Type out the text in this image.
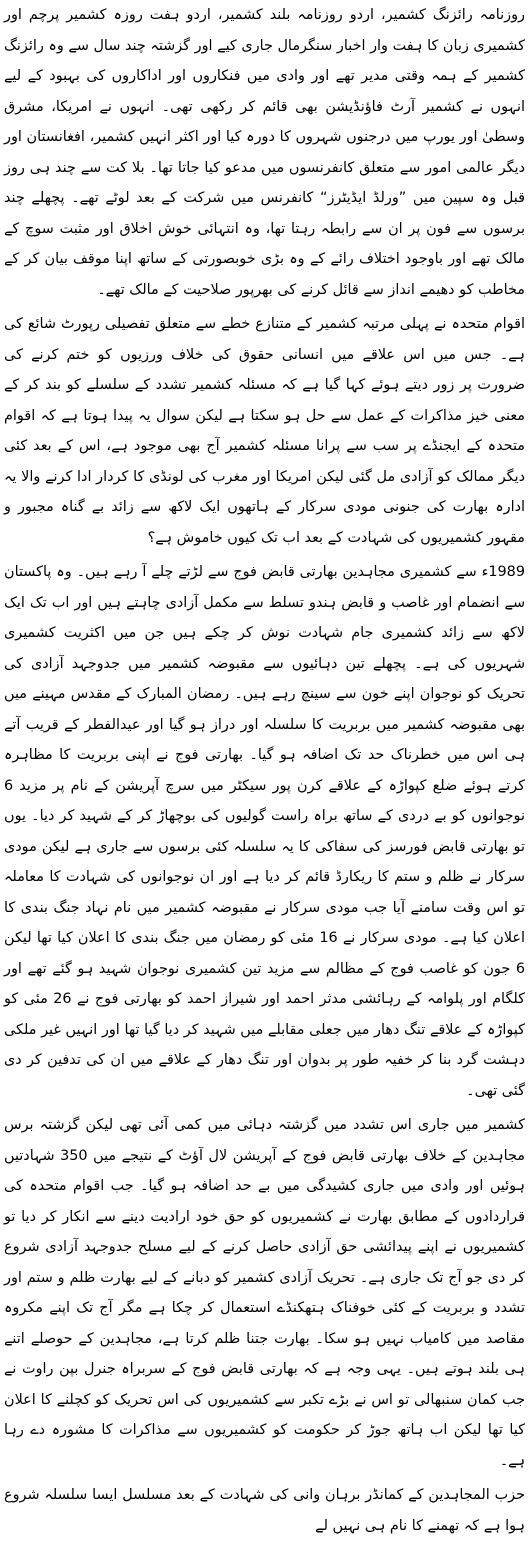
روزنامہ رائزنگ کشمیر، اردو روزنامہ بلند کشمیر، اردو ہفت روزہ کشمیر پرچم اور کشمیری زبان کا ہفت وار اخبار سنگرمال جاری کیے اور گزشتہ چند سال سے وہ رائزنگ کشمیر کے ہمہ وقتی مدیر تھے اور وادی میں فنکاروں اور اداکاروں کی بہبود کے لیے انہوں نے کشمیر آرٹ فاؤنڈیشن بھی قائم کر رکھی تھی۔ انہوں نے امریکا، مشرق وسطیٰ اور یورپ میں درجنوں شہروں کا دورہ کیا اور اکثر انہیں کشمیر، افغانستان اور دیگر عالمی امور سے متعلق کانفرنسوں میں مدعو کیا جاتا تھا۔ بلا کت سے چند ہی روز قبل وہ سپین میں ”ورلڈ ایڈیٹرز“ کانفرنس میں شرکت کے بعد لوٹے تھے۔ پچھلے چند برسوں سے فون پر ان سے رابطہ رہتا تھا، وہ انتہائی خوش اخلاق اور مثبت سوچ کے مالک تھے اور باوجود اختلاف رائے کے وہ بڑی خوبصورتی کے ساتھ اپنا موقف بیان کر کے مخاطب کو دھیمے انداز سے قائل کرنے کی بھرپور صلاحیت کے مالک تھے۔

اقوام متحدہ نے پہلی مرتبہ کشمیر کے متنازع خطے سے متعلق تفصیلی رپورٹ شائع کی ہے۔ جس میں اس علاقے میں انسانی حقوق کی خلاف ورزیوں کو ختم کرنے کی ضرورت پر زور دیتے ہوئے کہا گیا ہے کہ مسئلہ کشمیر تشدد کے سلسلے کو بند کر کے معنی خیز مذاکرات کے عمل سے حل ہو سکتا ہے لیکن سوال یہ پیدا ہوتا ہے کہ اقوام متحدہ کے ایجنڈے پر سب سے پرانا مسئلہ کشمیر آج بھی موجود ہے، اس کے بعد کئی دیگر ممالک کو آزادی مل گئی لیکن امریکا اور مغرب کی لونڈی کا کردار ادا کرنے والا یہ ادارہ بھارت کی جنونی مودی سرکار کے ہاتھوں ایک لاکھ سے زائد بے گناہ مجبور و مقہور کشمیریوں کی شہادت کے بعد اب تک کیوں خاموش ہے؟

1989ء سے کشمیری مجاہدین بھارتی قابض فوج سے لڑتے چلے آ رہے ہیں۔ وہ پاکستان سے انضمام اور غاصب و قابض ہندو تسلط سے مکمل آزادی چاہتے ہیں اور اب تک ایک لاکھ سے زائد کشمیری جام شہادت نوش کر چکے ہیں جن میں اکثریت کشمیری شہریوں کی ہے۔ پچھلے تین دہائیوں سے مقبوضہ کشمیر میں جدوجہد آزادی کی تحریک کو نوجوان اپنے خون سے سینچ رہے ہیں۔ رمضان المبارک کے مقدس مہینے میں بھی مقبوضہ کشمیر میں بربریت کا سلسلہ اور دراز ہو گیا اور عیدالفطر کے قریب آتے ہی اس میں خطرناک حد تک اضافہ ہو گیا۔ بھارتی فوج نے اپنی بربریت کا مظاہرہ کرتے ہوئے ضلع کپواڑہ کے علاقے کرن پور سیکٹر میں سرچ آپریشن کے نام پر مزید 6 نوجوانوں کو بے دردی کے ساتھ براہ راست گولیوں کی بوچھاڑ کر کے شہید کر دیا۔ یوں تو بھارتی قابض فورسز کی سفاکی کا یہ سلسلہ کئی برسوں سے جاری ہے لیکن مودی سرکار نے ظلم و ستم کا ریکارڈ قائم کر دیا ہے اور ان نوجوانوں کی شہادت کا معاملہ تو اس وقت سامنے آیا جب مودی سرکار نے مقبوضہ کشمیر میں نام نہاد جنگ بندی کا اعلان کیا ہے۔ مودی سرکار نے 16 مئی کو رمضان میں جنگ بندی کا اعلان کیا تھا لیکن 6 جون کو غاصب فوج کے مظالم سے مزید تین کشمیری نوجوان شہید ہو گئے تھے اور کلگام اور پلوامہ کے رہائشی مدثر احمد اور شیراز احمد کو بھارتی فوج نے 26 مئی کو کپواڑہ کے علاقے تنگ دھار میں جعلی مقابلے میں شہید کر دیا گیا تھا اور انہیں غیر ملکی دہشت گرد بنا کر خفیہ طور پر بدوان اور تنگ دھار کے علاقے میں ان کی تدفین کر دی گئی تھی۔

کشمیر میں جاری اس تشدد میں گزشتہ دہائی میں کمی آئی تھی لیکن گزشتہ برس مجاہدین کے خلاف بھارتی قابض فوج کے آپریشن لال آؤٹ کے نتیجے میں 350 شہادتیں ہوئیں اور وادی میں جاری کشیدگی میں بے حد اضافہ ہو گیا۔ جب اقوام متحدہ کی قراردادوں کے مطابق بھارت نے کشمیریوں کو حق خود ارادیت دینے سے انکار کر دیا تو کشمیریوں نے اپنے پیدائشی حق آزادی حاصل کرنے کے لیے مسلح جدوجہد آزادی شروع کر دی جو آج تک جاری ہے۔ تحریک آزادی کشمیر کو دبانے کے لیے بھارت ظلم و ستم اور تشدد و بربریت کے کئی خوفناک ہتھکنڈے استعمال کر چکا ہے مگر آج تک اپنے مکروہ مقاصد میں کامیاب نہیں ہو سکا۔ بھارت جتنا ظلم کرتا ہے، مجاہدین کے حوصلے اتنے ہی بلند ہوتے ہیں۔ یہی وجہ ہے کہ بھارتی قابض فوج کے سربراہ جنرل بپن راوت نے جب کمان سنبھالی تو اس نے بڑے تکبر سے کشمیریوں کی اس تحریک کو کچلنے کا اعلان کیا تھا لیکن اب ہاتھ جوڑ کر حکومت کو کشمیریوں سے مذاکرات کا مشورہ دے رہا ہے۔

حزب المجاہدین کے کمانڈر برہان وانی کی شہادت کے بعد مسلسل ایسا سلسلہ شروع ہوا ہے کہ تھمنے کا نام ہی نہیں لے
